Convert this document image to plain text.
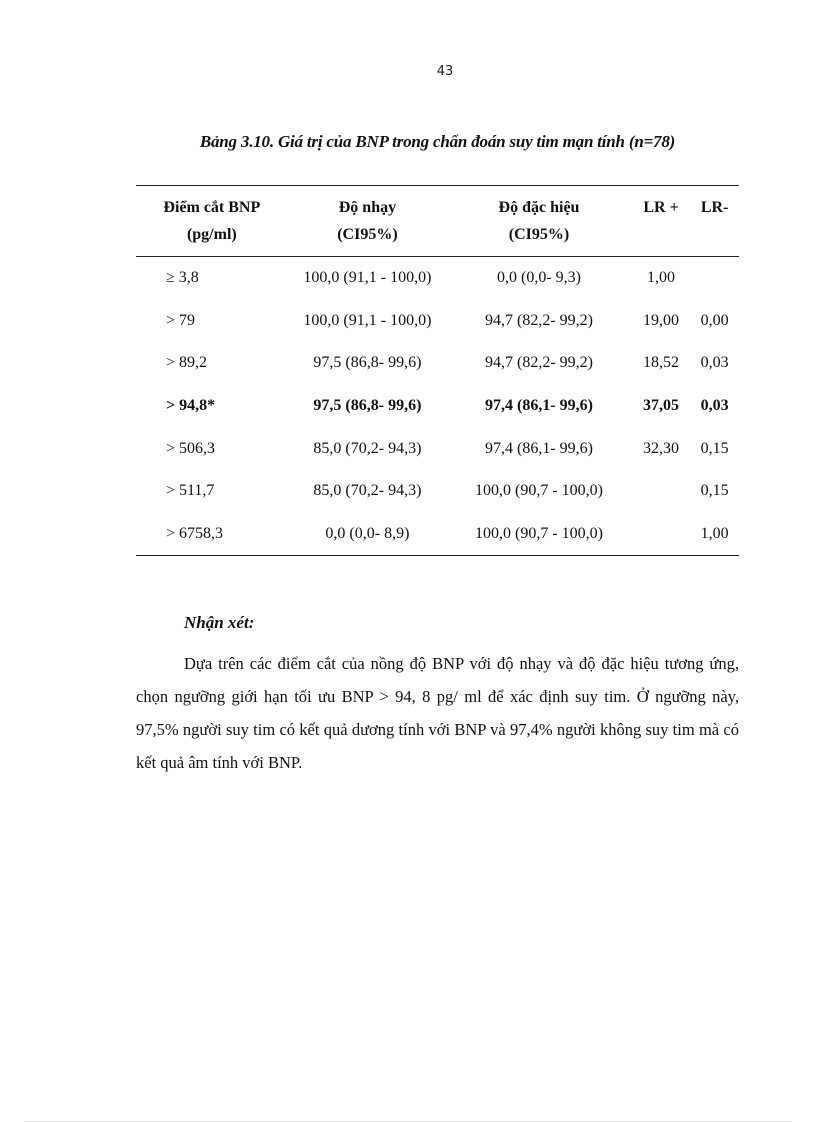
43
Bảng 3.10. Giá trị của BNP trong chẩn đoán suy tim mạn tính (n=78)
Điểm cắt BNP	Độ nhạy	Độ đặc hiệu	LR +	LR-
(pg/ml)	(CI95%)	(CI95%)		
≥ 3,8	100,0 (91,1 - 100,0)	0,0 (0,0- 9,3)	1,00	
> 79	100,0 (91,1 - 100,0)	94,7 (82,2- 99,2)	19,00	0,00
> 89,2	97,5 (86,8- 99,6)	94,7 (82,2- 99,2)	18,52	0,03
> 94,8*	97,5 (86,8- 99,6)	97,4 (86,1- 99,6)	37,05	0,03
> 506,3	85,0 (70,2- 94,3)	97,4 (86,1- 99,6)	32,30	0,15
> 511,7	85,0 (70,2- 94,3)	100,0 (90,7 - 100,0)		0,15
> 6758,3	0,0 (0,0- 8,9)	100,0 (90,7 - 100,0)		1,00
Nhận xét:

Dựa trên các điểm cắt của nồng độ BNP với độ nhạy và độ đặc hiệu tương ứng, chọn ngưỡng giới hạn tối ưu BNP > 94, 8 pg/ ml để xác định suy tim. Ở ngưỡng này, 97,5% người suy tim có kết quả dương tính với BNP và 97,4% người không suy tim mà có kết quả âm tính với BNP.
